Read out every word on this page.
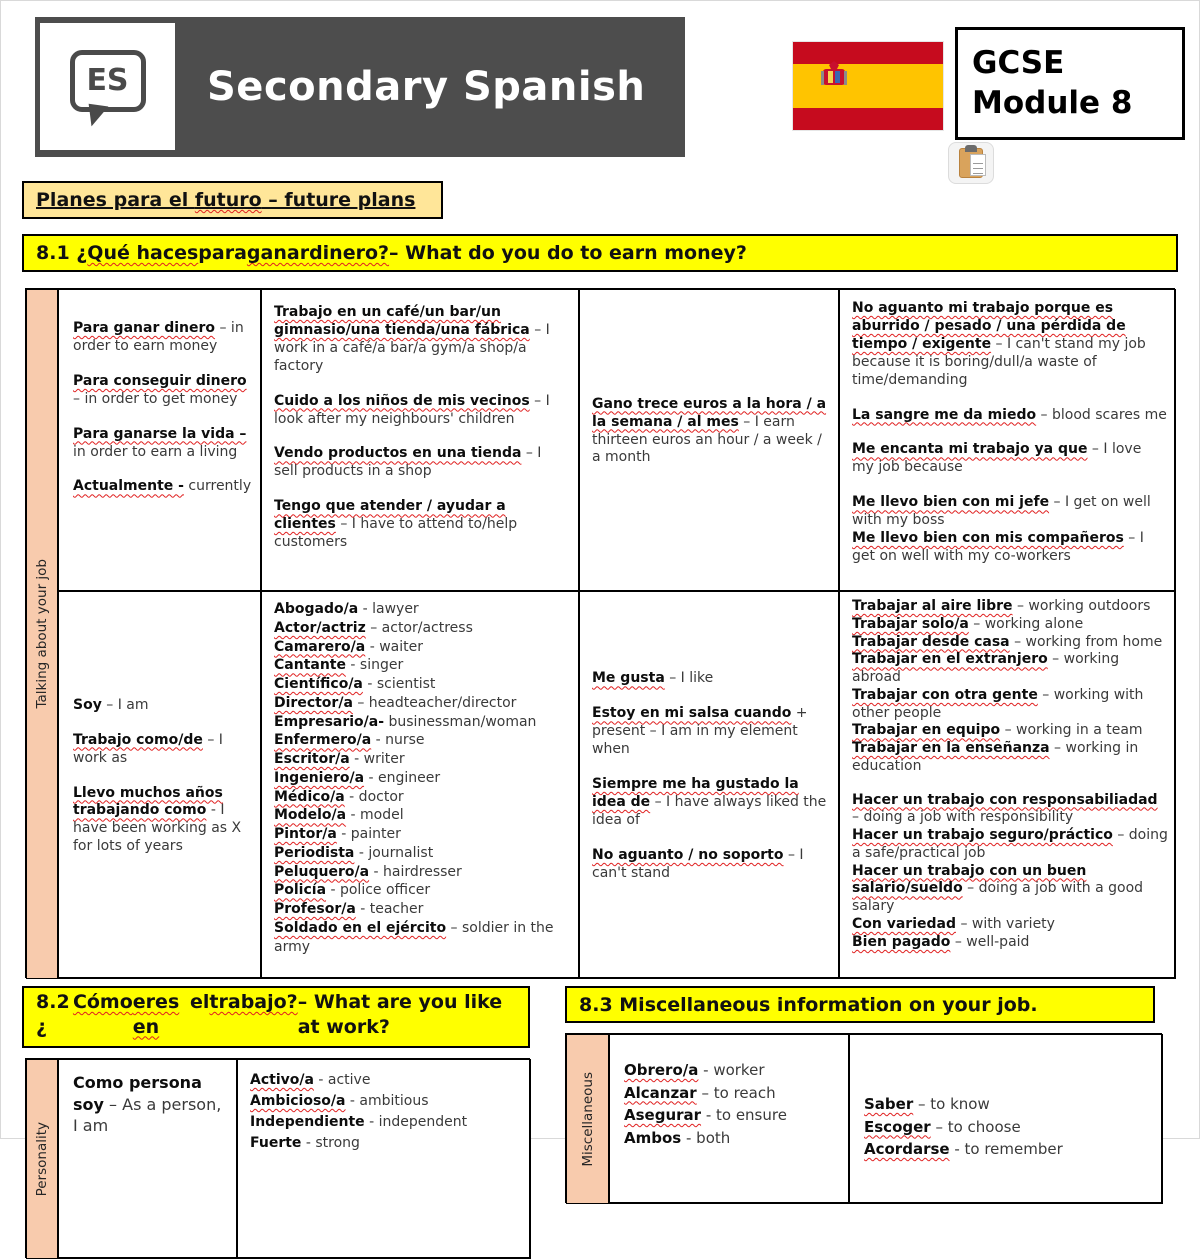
ES Secondary Spanish
GCSE
Module 8
Planes para el futuro – future plans
8.1 ¿ Qué haces para ganar dinero? – What do you do to earn money?
Talking about your job
Para ganar dinero – in order to earn money
Para conseguir dinero – in order to get money
Para ganarse la vida – in order to earn a living
Actualmente - currently
Trabajo en un café/un bar/un gimnasio/una tienda/una fábrica – I work in a café/a bar/a gym/a shop/a factory
Cuido a los niños de mis vecinos – I look after my neighbours' children
Vendo productos en una tienda – I sell products in a shop
Tengo que atender / ayudar a clientes – I have to attend to/help customers
Gano trece euros a la hora / a la semana / al mes – I earn thirteen euros an hour / a week / a month
No aguanto mi trabajo porque es aburrido / pesado / una pérdida de tiempo / exigente – I can't stand my job because it is boring/dull/a waste of time/demanding
La sangre me da miedo – blood scares me
Me encanta mi trabajo ya que – I love my job because
Me llevo bien con mi jefe – I get on well with my boss
Me llevo bien con mis compañeros – I get on well with my co-workers
Soy – I am
Trabajo como/de – I work as
Llevo muchos años trabajando como - I have been working as X for lots of years
Abogado/a - lawyer
Actor/actriz – actor/actress
Camarero/a - waiter
Cantante - singer
Científico/a - scientist
Director/a – headteacher/director
Empresario/a- businessman/woman
Enfermero/a - nurse
Escritor/a - writer
Ingeniero/a - engineer
Médico/a - doctor
Modelo/a - model
Pintor/a - painter
Periodista - journalist
Peluquero/a - hairdresser
Policía - police officer
Profesor/a - teacher
Soldado en el ejército – soldier in the army
Me gusta – I like
Estoy en mi salsa cuando + present – I am in my element when
Siempre me ha gustado la idea de – I have always liked the idea of
No aguanto / no soporto – I can't stand
Trabajar al aire libre – working outdoors
Trabajar solo/a – working alone
Trabajar desde casa – working from home
Trabajar en el extranjero – working abroad
Trabajar con otra gente – working with other people
Trabajar en equipo – working in a team
Trabajar en la enseñanza – working in education
Hacer un trabajo con responsabiliadad – doing a job with responsibility
Hacer un trabajo seguro/práctico – doing a safe/practical job
Hacer un trabajo con un buen salario/sueldo – doing a job with a good salary
Con variedad – with variety
Bien pagado – well-paid
8.2 ¿
Cómo eres en
el trabajo? – What are you like at work?
8.3 Miscellaneous information on your job.
Personality
Como persona soy – As a person, I am
Activo/a - active
Ambicioso/a - ambitious
Independiente - independent
Fuerte - strong	Miscellaneous
Obrero/a - worker
Alcanzar – to reach
Asegurar - to ensure
Ambos - both
Saber – to know
Escoger – to choose
Acordarse - to remember
